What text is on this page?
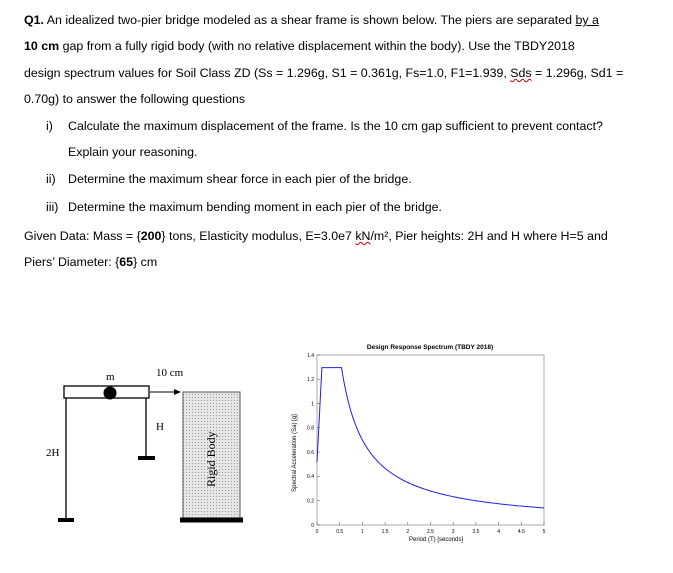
Q1. An idealized two-pier bridge modeled as a shear frame is shown below. The piers are separated by a
10 cm gap from a fully rigid body (with no relative displacement within the body). Use the TBDY2018
design spectrum values for Soil Class ZD (Ss = 1.296g, S1 = 0.361g, Fs=1.0, F1=1.939, Sds = 1.296g, Sd1 =
0.70g) to answer the following questions
i) Calculate the maximum displacement of the frame. Is the 10 cm gap sufficient to prevent contact?
Explain your reasoning.
ii) Determine the maximum shear force in each pier of the bridge.
iii) Determine the maximum bending moment in each pier of the bridge.
Given Data: Mass = {200} tons, Elasticity modulus, E=3.0e7 kN/m², Pier heights: 2H and H where H=5 and
Piers’ Diameter: {65} cm
m	10 cm
H
2H	Rigid Body
Design Response Spectrum (TBDY 2018)
Spectral Acceleration (Sa) [g]
Period (T) [seconds]
0	0.5	1	1.5	2	2.5	3	3.5	4	4.5	5
0
0.2
0.4
0.6
0.8
1
1.2
1.4
